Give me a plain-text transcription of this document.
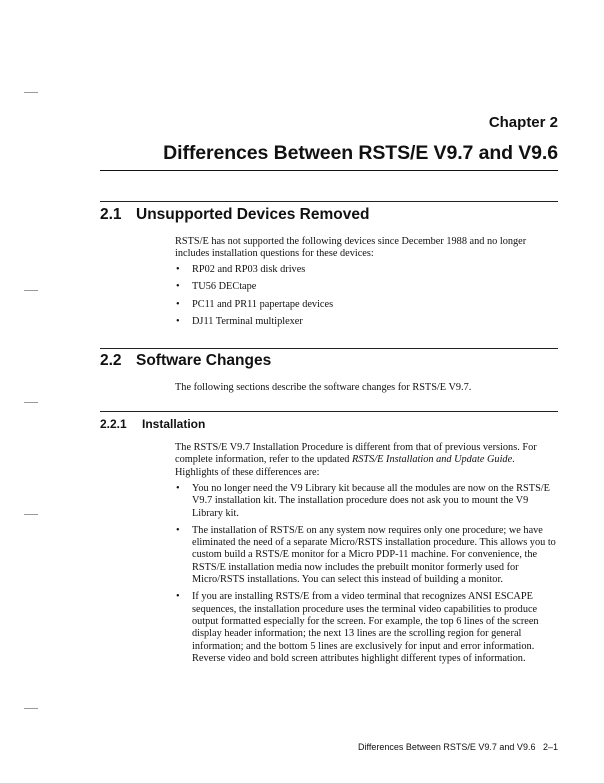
Chapter 2
Differences Between RSTS/E V9.7 and V9.6
2.1 Unsupported Devices Removed
RSTS/E has not supported the following devices since December 1988 and no longer includes installation questions for these devices:
• RP02 and RP03 disk drives
• TU56 DECtape
• PC11 and PR11 papertape devices
• DJ11 Terminal multiplexer
2.2 Software Changes
The following sections describe the software changes for RSTS/E V9.7.
2.2.1 Installation
The RSTS/E V9.7 Installation Procedure is different from that of previous versions. For complete information, refer to the updated RSTS/E Installation and Update Guide. Highlights of these differences are:
• You no longer need the V9 Library kit because all the modules are now on the RSTS/E V9.7 installation kit. The installation procedure does not ask you to mount the V9 Library kit.
• The installation of RSTS/E on any system now requires only one procedure; we have eliminated the need of a separate Micro/RSTS installation procedure. This allows you to custom build a RSTS/E monitor for a Micro PDP-11 machine. For convenience, the RSTS/E installation media now includes the prebuilt monitor formerly used for Micro/RSTS installations. You can select this instead of building a monitor.
• If you are installing RSTS/E from a video terminal that recognizes ANSI ESCAPE sequences, the installation procedure uses the terminal video capabilities to produce output formatted especially for the screen. For example, the top 6 lines of the screen display header information; the next 13 lines are the scrolling region for general information; and the bottom 5 lines are exclusively for input and error information. Reverse video and bold screen attributes highlight different types of information.
Differences Between RSTS/E V9.7 and V9.6 2–1
